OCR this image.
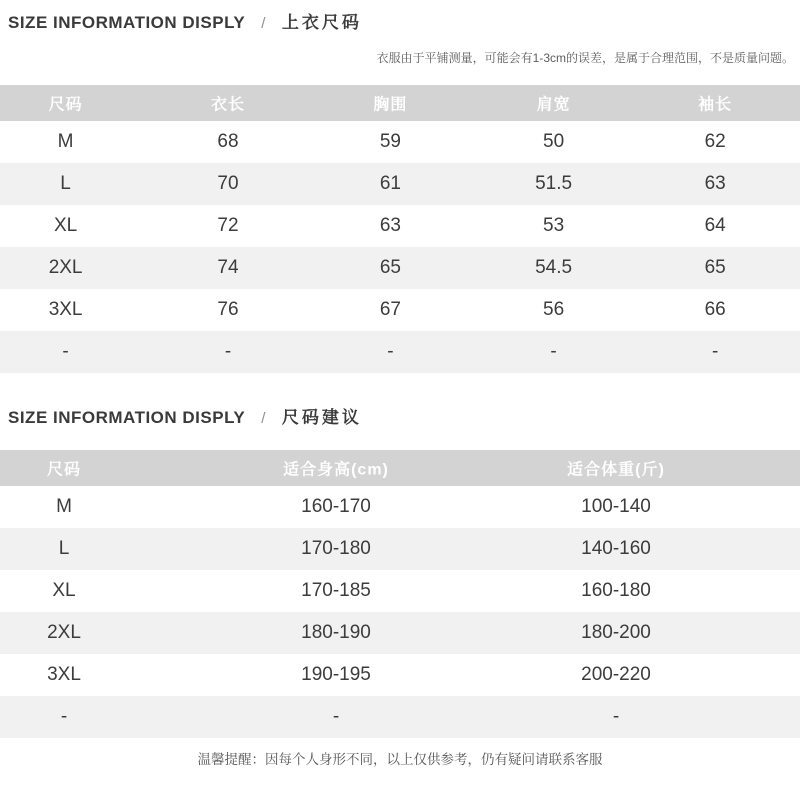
SIZE INFORMATION DISPLY / 上衣尺码
衣服由于平铺测量，可能会有1-3cm的误差，是属于合理范围，不是质量问题。
尺码	衣长	胸围	肩宽	袖长
M	68	59	50	62
L	70	61	51.5	63
XL	72	63	53	64
2XL	74	65	54.5	65
3XL	76	67	56	66
-	-	-	-	-
SIZE INFORMATION DISPLY / 尺码建议
尺码	适合身高(cm)	适合体重(斤)
M	160-170	100-140
L	170-180	140-160
XL	170-185	160-180
2XL	180-190	180-200
3XL	190-195	200-220
-	-	-
温馨提醒：因每个人身形不同，以上仅供参考，仍有疑问请联系客服
